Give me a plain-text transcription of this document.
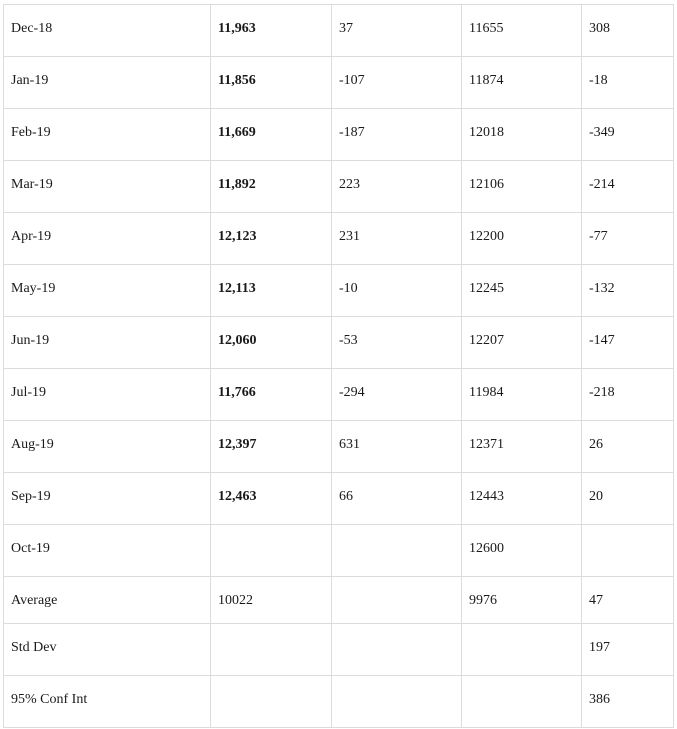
Dec-18	11,963	37	11655	308
Jan-19	11,856	-107	11874	-18
Feb-19	11,669	-187	12018	-349
Mar-19	11,892	223	12106	-214
Apr-19	12,123	231	12200	-77
May-19	12,113	-10	12245	-132
Jun-19	12,060	-53	12207	-147
Jul-19	11,766	-294	11984	-218
Aug-19	12,397	631	12371	26
Sep-19	12,463	66	12443	20
Oct-19			12600	
Average	10022		9976	47
Std Dev				197
95% Conf Int				386
